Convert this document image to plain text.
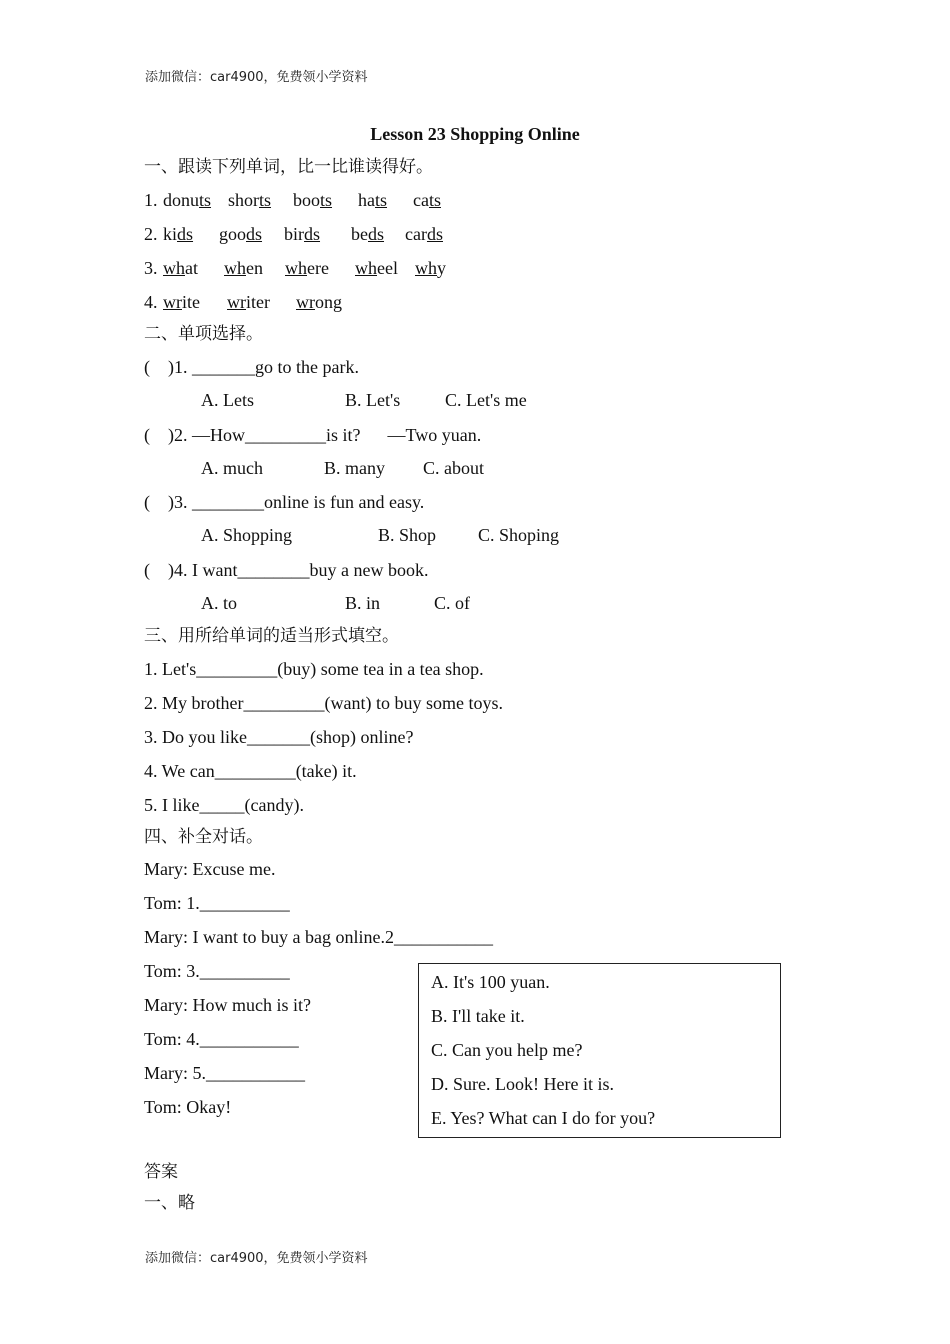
添加微信：car4900，免费领小学资料
Lesson 23 Shopping Online
一、跟读下列单词，比一比谁读得好。
1. donuts shorts boots hats cats
2. kids goods birds beds cards
3. what when where wheel why
4. write writer wrong
二、单项选择。
(    )1. _______go to the park.
A. Lets	B. Let's C. Let's me
(    )2. —How_________is it?      —Two yuan.
A. much	B. many C. about
(    )3. ________online is fun and easy.
A. Shopping	B. Shop C. Shoping
(    )4. I want________buy a new book.
A. to	B. in	C. of
三、用所给单词的适当形式填空。
1. Let's_________(buy) some tea in a tea shop.
2. My brother_________(want) to buy some toys.
3. Do you like_______(shop) online?
4. We can_________(take) it.
5. I like_____(candy).
四、补全对话。
Mary: Excuse me.
Tom: 1.__________
Mary: I want to buy a bag online.2___________
Tom: 3.__________
Mary: How much is it?
Tom: 4.___________
Mary: 5.___________
Tom: Okay!
A. It's 100 yuan.
B. I'll take it.
C. Can you help me?
D. Sure. Look! Here it is.
E. Yes? What can I do for you?
答案
一、略
添加微信：car4900，免费领小学资料
